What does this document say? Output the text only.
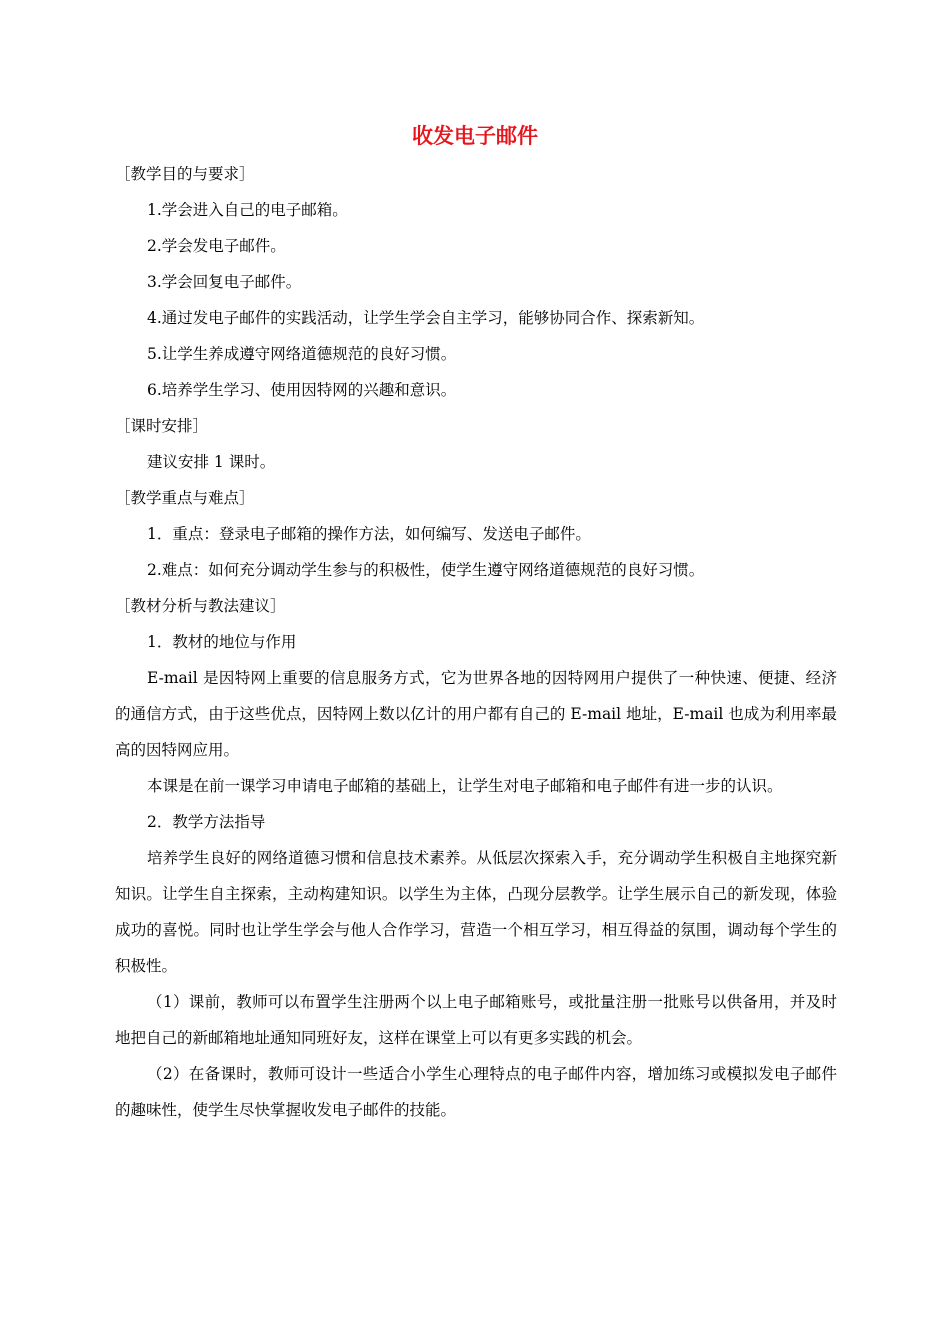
收发电子邮件

［教学目的与要求］

1.学会进入自己的电子邮箱。

2.学会发电子邮件。

3.学会回复电子邮件。

4.通过发电子邮件的实践活动，让学生学会自主学习，能够协同合作、探索新知。

5.让学生养成遵守网络道德规范的良好习惯。

6.培养学生学习、使用因特网的兴趣和意识。

［课时安排］

建议安排 1 课时。

［教学重点与难点］

1．重点：登录电子邮箱的操作方法，如何编写、发送电子邮件。

2.难点：如何充分调动学生参与的积极性，使学生遵守网络道德规范的良好习惯。

［教材分析与教法建议］

1．教材的地位与作用

E-mail 是因特网上重要的信息服务方式，它为世界各地的因特网用户提供了一种快速、便捷、经济的通信方式，由于这些优点，因特网上数以亿计的用户都有自己的 E-mail 地址，E-mail 也成为利用率最高的因特网应用。

本课是在前一课学习申请电子邮箱的基础上，让学生对电子邮箱和电子邮件有进一步的认识。

2．教学方法指导

培养学生良好的网络道德习惯和信息技术素养。从低层次探索入手，充分调动学生积极自主地探究新知识。让学生自主探索，主动构建知识。以学生为主体，凸现分层教学。让学生展示自己的新发现，体验成功的喜悦。同时也让学生学会与他人合作学习，营造一个相互学习，相互得益的氛围，调动每个学生的积极性。

（1）课前，教师可以布置学生注册两个以上电子邮箱账号，或批量注册一批账号以供备用，并及时地把自己的新邮箱地址通知同班好友，这样在课堂上可以有更多实践的机会。

（2）在备课时，教师可设计一些适合小学生心理特点的电子邮件内容，增加练习或模拟发电子邮件的趣味性，使学生尽快掌握收发电子邮件的技能。
